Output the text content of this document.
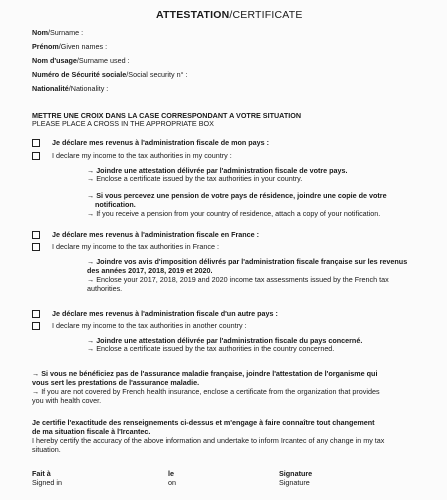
ATTESTATION/CERTIFICATE
Nom/Surname :
Prénom/Given names :
Nom d'usage/Surname used :
Numéro de Sécurité sociale/Social security n° :
Nationalité/Nationality :
METTRE UNE CROIX DANS LA CASE CORRESPONDANT A VOTRE SITUATION
PLEASE PLACE A CROSS IN THE APPROPRIATE BOX
Je déclare mes revenus à l'administration fiscale de mon pays :
I declare my income to the tax authorities in my country :
→ Joindre une attestation délivrée par l'administration fiscale de votre pays.
→ Enclose a certificate issued by the tax authorities in your country.
→ Si vous percevez une pension de votre pays de résidence, joindre une copie de votre
notification.
→ If you receive a pension from your country of residence, attach a copy of your notification.
Je déclare mes revenus à l'administration fiscale en France :
I declare my income to the tax authorities in France :
→ Joindre vos avis d'imposition délivrés par l'administration fiscale française sur les revenus
des années 2017, 2018, 2019 et 2020.
→ Enclose your 2017, 2018, 2019 and 2020 income tax assessments issued by the French tax
authorities.
Je déclare mes revenus à l'administration fiscale d'un autre pays :
I declare my income to the tax authorities in another country :
→ Joindre une attestation délivrée par l'administration fiscale du pays concerné.
→ Enclose a certificate issued by the tax authorities in the country concerned.
→ Si vous ne bénéficiez pas de l'assurance maladie française, joindre l'attestation de l'organisme qui
vous sert les prestations de l'assurance maladie.
→ If you are not covered by French health insurance, enclose a certificate from the organization that provides
you with health cover.
Je certifie l'exactitude des renseignements ci-dessus et m'engage à faire connaître tout changement
de ma situation fiscale à l'Ircantec.
I hereby certify the accuracy of the above information and undertake to inform Ircantec of any change in my tax
situation.
Fait à
Signed in
le
on
Signature
Signature
